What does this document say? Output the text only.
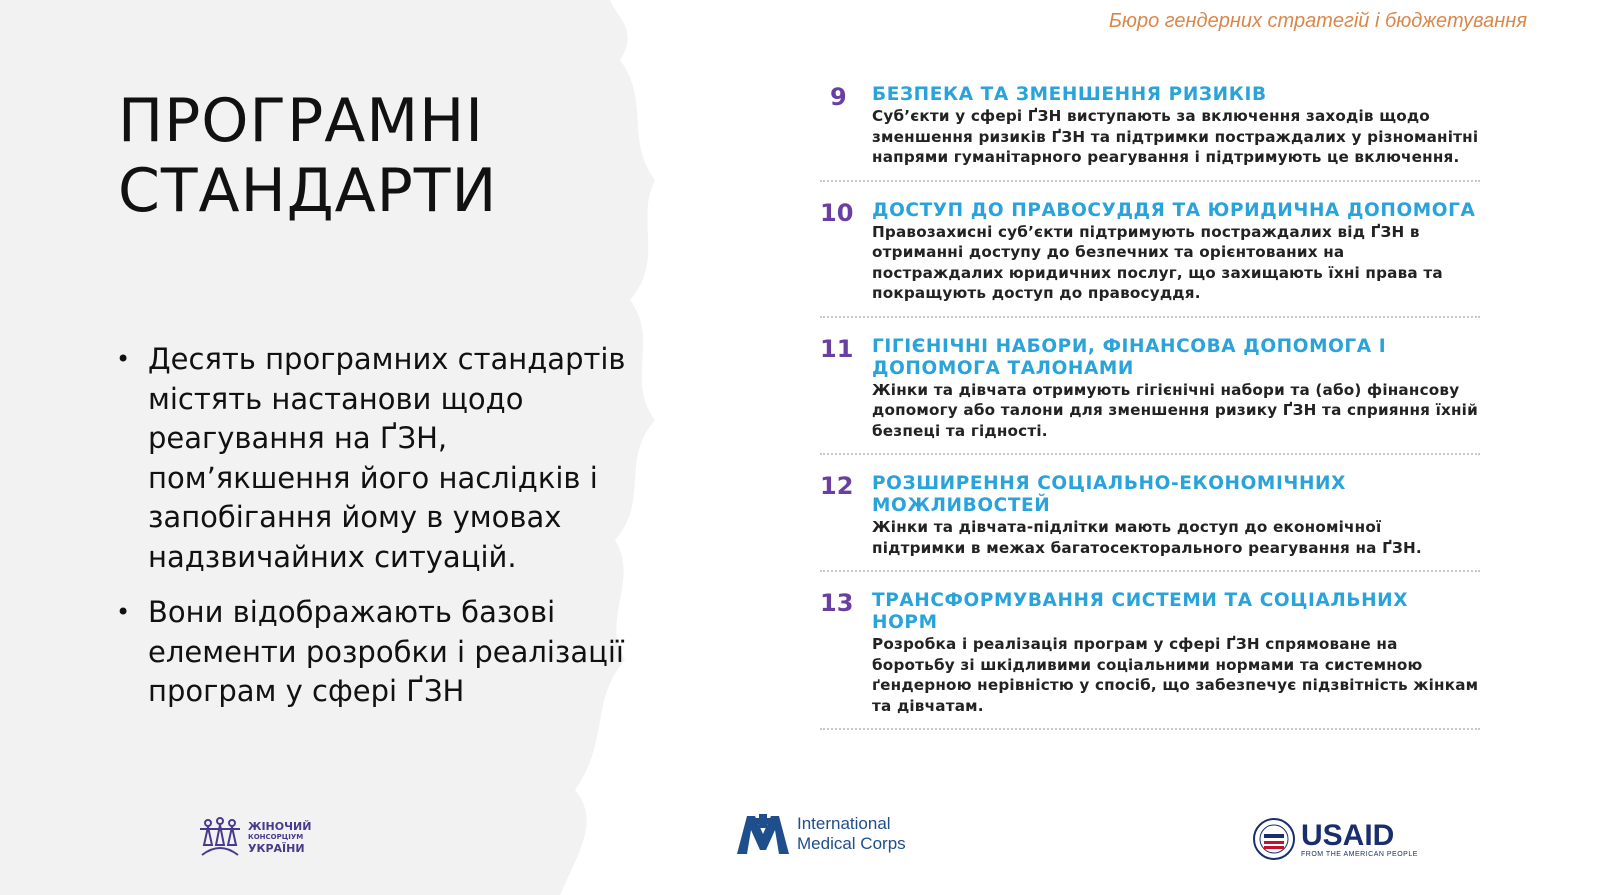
Бюро гендерних стратегій і бюджетування
ПРОГРАМНІ
СТАНДАРТИ
• Десять програмних стандартів містять настанови щодо реагування на ҐЗН, пом’якшення його наслідків і запобігання йому в умовах надзвичайних ситуацій.
• Вони відображають базові елементи розробки і реалізації програм у сфері ҐЗН
9	БЕЗПЕКА ТА ЗМЕНШЕННЯ РИЗИКІВ
Суб’єкти у сфері ҐЗН виступають за включення заходів щодо зменшення ризиків ҐЗН та підтримки постраждалих у різноманітні напрями гуманітарного реагування і підтримують це включення.
10	ДОСТУП ДО ПРАВОСУДДЯ ТА ЮРИДИЧНА ДОПОМОГА
Правозахисні суб’єкти підтримують постраждалих від ҐЗН в отриманні доступу до безпечних та орієнтованих на постраждалих юридичних послуг, що захищають їхні права та покращують доступ до правосуддя.
11	ГІГІЄНІЧНІ НАБОРИ, ФІНАНСОВА ДОПОМОГА І ДОПОМОГА ТАЛОНАМИ
Жінки та дівчата отримують гігієнічні набори та (або) фінансову допомогу або талони для зменшення ризику ҐЗН та сприяння їхній безпеці та гідності.
12	РОЗШИРЕННЯ СОЦІАЛЬНО-ЕКОНОМІЧНИХ МОЖЛИВОСТЕЙ
Жінки та дівчата-підлітки мають доступ до економічної підтримки в межах багатосекторального реагування на ҐЗН.
13	ТРАНСФОРМУВАННЯ СИСТЕМИ ТА СОЦІАЛЬНИХ НОРМ
Розробка і реалізація програм у сфері ҐЗН спрямоване на боротьбу зі шкідливими соціальними нормами та системною ґендерною нерівністю у спосіб, що забезпечує підзвітність жінкам та дівчатам.
ЖІНОЧИЙ
КОНСОРЦІУМ
УКРАЇНИ
International
Medical Corps	USAID
FROM THE AMERICAN PEOPLE
